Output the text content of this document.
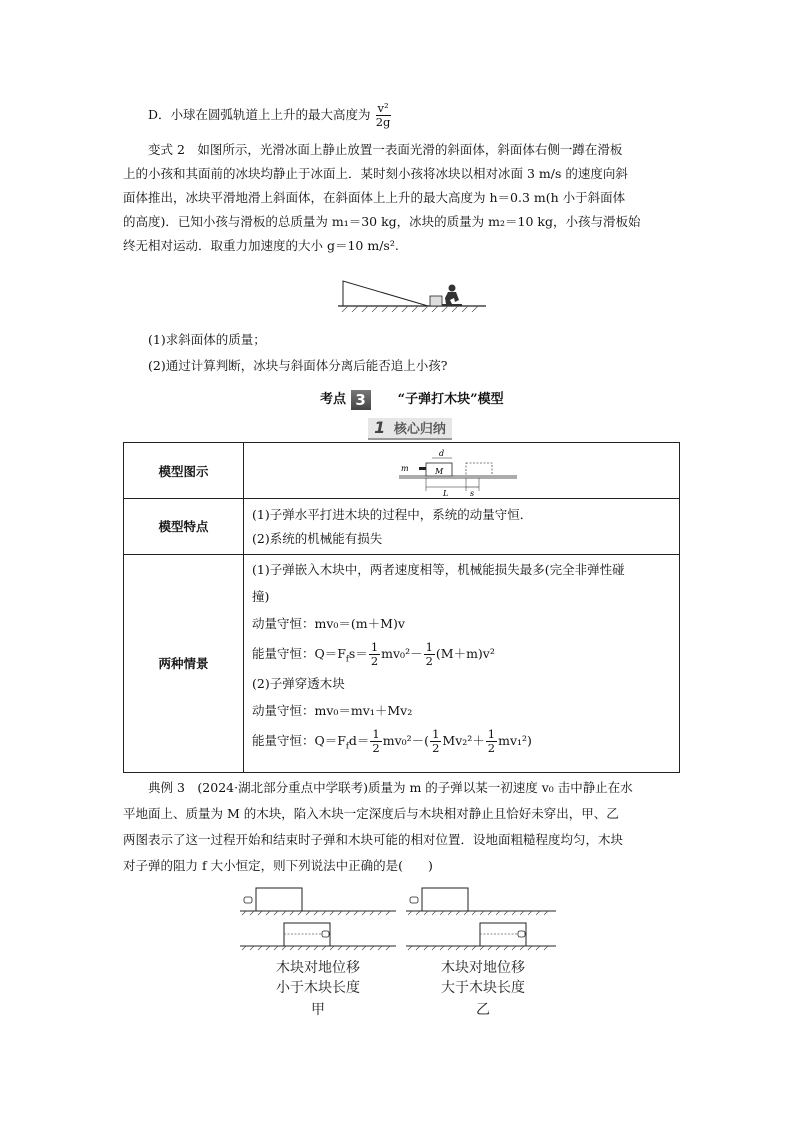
D．小球在圆弧轨道上上升的最大高度为 $\frac{\text{v²}}{2g}$
变式 2　如图所示，光滑冰面上静止放置一表面光滑的斜面体，斜面体右侧一蹲在滑板
上的小孩和其面前的冰块均静止于冰面上．某时刻小孩将冰块以相对冰面 3 m/s 的速度向斜
面体推出，冰块平滑地滑上斜面体，在斜面体上上升的最大高度为 h＝0.3 m(h 小于斜面体
的高度)．已知小孩与滑板的总质量为 m₁＝30 kg，冰块的质量为 m₂＝10 kg，小孩与滑板始
终无相对运动．取重力加速度的大小 g＝10 m/s².
(1)求斜面体的质量；
(2)通过计算判断，冰块与斜面体分离后能否追上小孩?
考点 3 “子弹打木块”模型
1 核心归纳
模型图示
模型特点
两种情景
d
m	M
L	s
(1)子弹水平打进木块的过程中，系统的动量守恒．
(2)系统的机械能有损失
(1)子弹嵌入木块中，两者速度相等，机械能损失最多(完全非弹性碰
撞)
动量守恒：mv₀＝(m＋M)v
能量守恒：$Q=F_fs= \frac{1}{2} mv_0^2- \frac{1}{2} (M+m)v^2$
(2)子弹穿透木块
动量守恒：mv₀＝mv₁＋Mv₂
能量守恒：$Q=F_fd= \frac{1}{2} mv_0^2-( \frac{1}{2} Mv_2^2+ \frac{1}{2} mv_1^2)$
典例 3　(2024·湖北部分重点中学联考)质量为 m 的子弹以某一初速度 v₀ 击中静止在水
平地面上、质量为 M 的木块，陷入木块一定深度后与木块相对静止且恰好未穿出，甲、乙
两图表示了这一过程开始和结束时子弹和木块可能的相对位置．设地面粗糙程度均匀，木块
对子弹的阻力 f 大小恒定，则下列说法中正确的是(　　)
木块对地位移
小于木块长度
甲
木块对地位移
大于木块长度
乙
